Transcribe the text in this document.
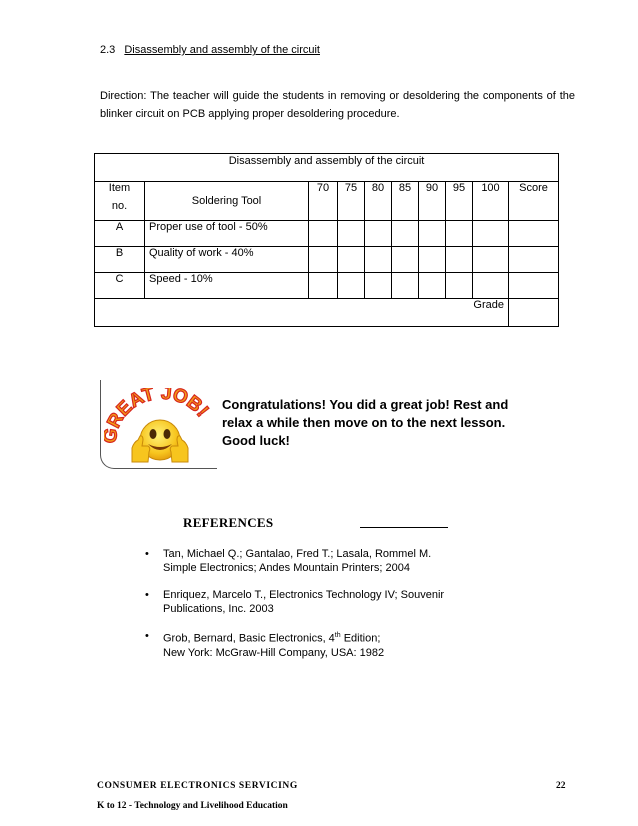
2.3 Disassembly and assembly of the circuit
Direction: The teacher will guide the students in removing or desoldering the components of the blinker circuit on PCB applying proper desoldering procedure.
Disassembly and assembly of the circuit									

Item
no.	Soldering Tool	70	75	80	85	90	95	100	Score
A	Proper use of tool - 50%								
B	Quality of work - 40%								
C	Speed - 10%								
Grade									
REAT JOB! Congratulations! You did a great job! Rest and
relax a while then move on to the next lesson.
Good luck!
REFERENCES
• Tan, Michael Q.; Gantalao, Fred T.; Lasala, Rommel M.
Simple Electronics; Andes Mountain Printers; 2004
• Enriquez, Marcelo T., Electronics Technology IV; Souvenir
Publications, Inc. 2003
• Grob, Bernard, Basic Electronics, 4th Edition;
New York: McGraw-Hill Company, USA: 1982
CONSUMER ELECTRONICS SERVICING
K to 12 - Technology and Livelihood Education
22
